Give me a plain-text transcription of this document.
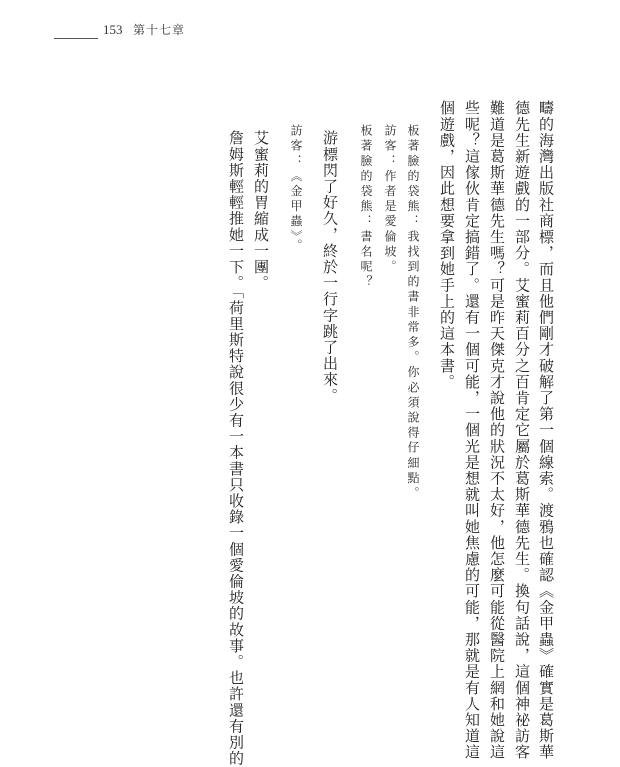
153 第十七章
疇的海灣出版社商標，而且他們剛才破解了第一個線索。渡鴉也確認《金甲蟲》確實是葛斯華
德先生新遊戲的一部分。艾蜜莉百分之百肯定它屬於葛斯華德先生。換句話說，這個神祕訪客
難道是葛斯華德先生嗎？可是昨天傑克才說他的狀況不太好，他怎麼可能從醫院上網和她說這
些呢？這傢伙肯定搞錯了。還有一個可能，一個光是想就叫她焦慮的可能，那就是有人知道這
個遊戲，因此想要拿到她手上的這本書。
板著臉的袋熊：我找到的書非常多。你必須說得仔細點。
訪客：作者是愛倫坡。
板著臉的袋熊：書名呢？
游標閃了好久，終於一行字跳了出來。
訪客：《金甲蟲》。
艾蜜莉的胃縮成一團。
詹姆斯輕輕推她一下。「荷里斯特說很少有一本書只收錄一個愛倫坡的故事。也許還有別的
